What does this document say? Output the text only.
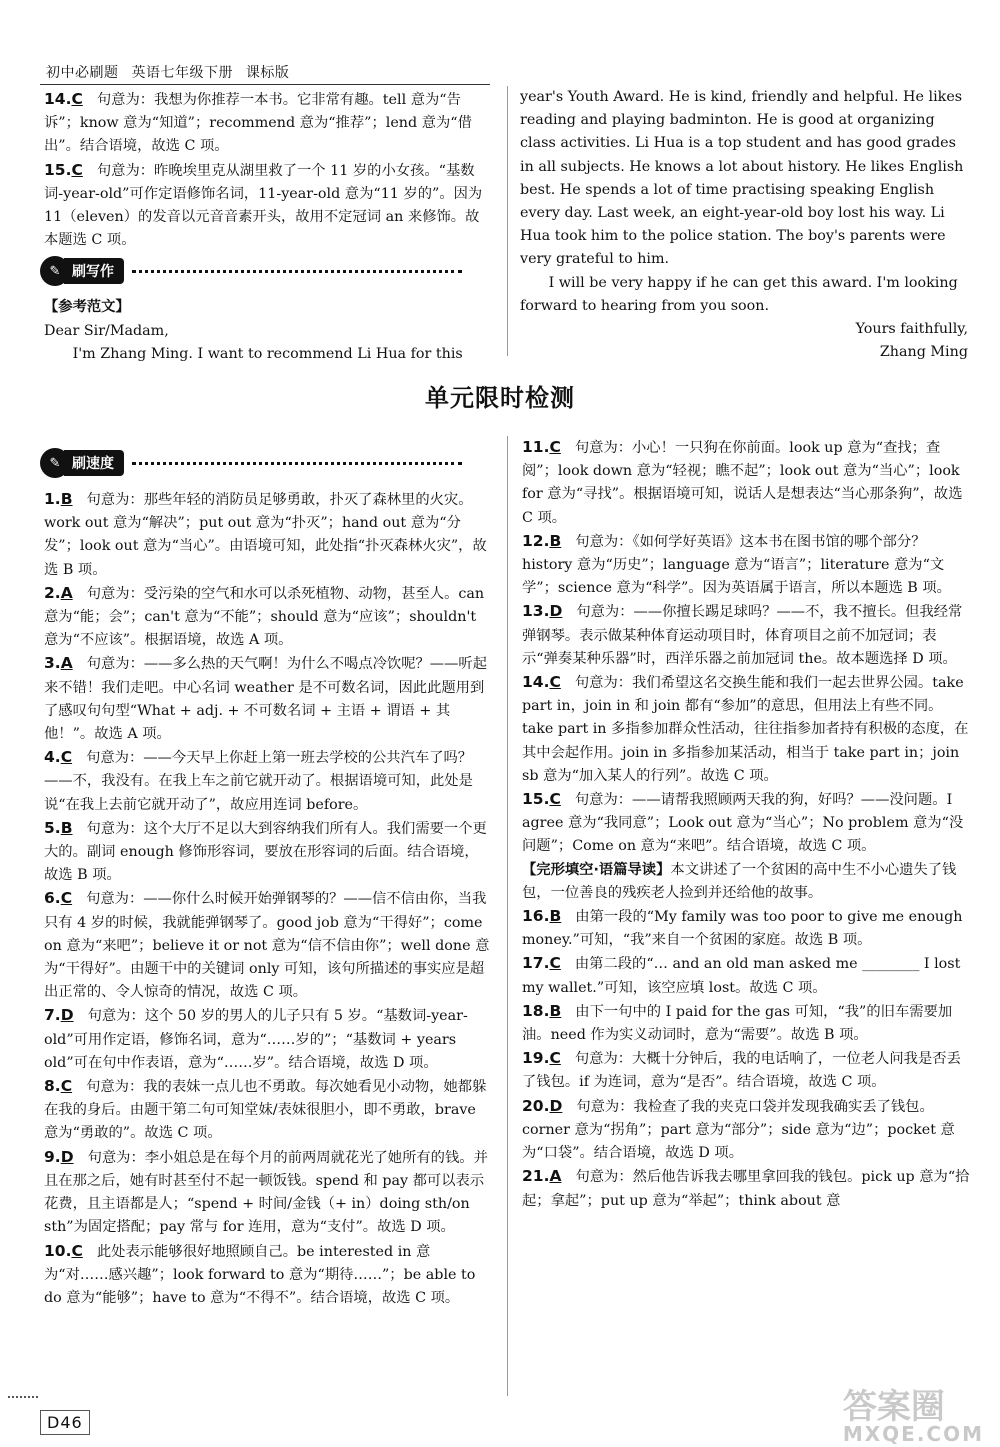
初中必刷题 英语七年级下册 课标版

14.C 句意为：我想为你推荐一本书。它非常有趣。tell 意为“告诉”；know 意为“知道”；recommend 意为“推荐”；lend 意为“借出”。结合语境，故选 C 项。

15.C 句意为：昨晚埃里克从湖里救了一个 11 岁的小女孩。“基数词-year-old”可作定语修饰名词，11-year-old 意为“11 岁的”。因为 11（eleven）的发音以元音音素开头，故用不定冠词 an 来修饰。故本题选 C 项。

【参考范文】

Dear Sir/Madam,

I'm Zhang Ming. I want to recommend Li Hua for this

✎ 刷写作

year's Youth Award. He is kind, friendly and helpful. He likes reading and playing badminton. He is good at organizing class activities. Li Hua is a top student and has good grades in all subjects. He knows a lot about history. He likes English best. He spends a lot of time practising speaking English every day. Last week, an eight-year-old boy lost his way. Li Hua took him to the police station. The boy's parents were very grateful to him.

I will be very happy if he can get this award. I'm looking forward to hearing from you soon.

Yours faithfully,

Zhang Ming

单元限时检测
✎ 刷速度

1.B 句意为：那些年轻的消防员足够勇敢，扑灭了森林里的火灾。work out 意为“解决”；put out 意为“扑灭”；hand out 意为“分发”；look out 意为“当心”。由语境可知，此处指“扑灭森林火灾”，故选 B 项。

2.A 句意为：受污染的空气和水可以杀死植物、动物，甚至人。can 意为“能；会”；can't 意为“不能”；should 意为“应该”；shouldn't 意为“不应该”。根据语境，故选 A 项。

3.A 句意为：——多么热的天气啊！为什么不喝点冷饮呢？——听起来不错！我们走吧。中心名词 weather 是不可数名词，因此此题用到了感叹句句型“What + adj. + 不可数名词 + 主语 + 谓语 + 其他！”。故选 A 项。

4.C 句意为：——今天早上你赶上第一班去学校的公共汽车了吗？——不，我没有。在我上车之前它就开动了。根据语境可知，此处是说“在我上去前它就开动了”，故应用连词 before。

5.B 句意为：这个大厅不足以大到容纳我们所有人。我们需要一个更大的。副词 enough 修饰形容词，要放在形容词的后面。结合语境，故选 B 项。

6.C 句意为：——你什么时候开始弹钢琴的？——信不信由你，当我只有 4 岁的时候，我就能弹钢琴了。good job 意为“干得好”；come on 意为“来吧”；believe it or not 意为“信不信由你”；well done 意为“干得好”。由题干中的关键词 only 可知，该句所描述的事实应是超出正常的、令人惊奇的情况，故选 C 项。

7.D 句意为：这个 50 岁的男人的儿子只有 5 岁。“基数词-year-old”可用作定语，修饰名词，意为“……岁的”；“基数词 + years old”可在句中作表语，意为“……岁”。结合语境，故选 D 项。

8.C 句意为：我的表妹一点儿也不勇敢。每次她看见小动物，她都躲在我的身后。由题干第二句可知堂妹/表妹很胆小，即不勇敢，brave 意为“勇敢的”。故选 C 项。

9.D 句意为：李小姐总是在每个月的前两周就花光了她所有的钱。并且在那之后，她有时甚至付不起一顿饭钱。spend 和 pay 都可以表示花费，且主语都是人；“spend + 时间/金钱（+ in）doing sth/on sth”为固定搭配；pay 常与 for 连用，意为“支付”。故选 D 项。

10.C 此处表示能够很好地照顾自己。be interested in 意为“对……感兴趣”；look forward to 意为“期待……”；be able to do 意为“能够”；have to 意为“不得不”。结合语境，故选 C 项。

11.C 句意为：小心！一只狗在你前面。look up 意为“查找；查阅”；look down 意为“轻视；瞧不起”；look out 意为“当心”；look for 意为“寻找”。根据语境可知，说话人是想表达“当心那条狗”，故选 C 项。

12.B 句意为：《如何学好英语》这本书在图书馆的哪个部分？history 意为“历史”；language 意为“语言”；literature 意为“文学”；science 意为“科学”。因为英语属于语言，所以本题选 B 项。

13.D 句意为：——你擅长踢足球吗？——不，我不擅长。但我经常弹钢琴。表示做某种体育运动项目时，体育项目之前不加冠词；表示“弹奏某种乐器”时，西洋乐器之前加冠词 the。故本题选择 D 项。

14.C 句意为：我们希望这名交换生能和我们一起去世界公园。take part in，join in 和 join 都有“参加”的意思，但用法上有些不同。take part in 多指参加群众性活动，往往指参加者持有积极的态度，在其中会起作用。join in 多指参加某活动，相当于 take part in；join sb 意为“加入某人的行列”。故选 C 项。

15.C 句意为：——请帮我照顾两天我的狗，好吗？——没问题。I agree 意为“我同意”；Look out 意为“当心”；No problem 意为“没问题”；Come on 意为“来吧”。结合语境，故选 C 项。

【完形填空·语篇导读】本文讲述了一个贫困的高中生不小心遗失了钱包，一位善良的残疾老人捡到并还给他的故事。

16.B 由第一段的“My family was too poor to give me enough money.”可知，“我”来自一个贫困的家庭。故选 B 项。

17.C 由第二段的“… and an old man asked me ________ I lost my wallet.”可知，该空应填 lost。故选 C 项。

18.B 由下一句中的 I paid for the gas 可知，“我”的旧车需要加油。need 作为实义动词时，意为“需要”。故选 B 项。

19.C 句意为：大概十分钟后，我的电话响了，一位老人问我是否丢了钱包。if 为连词，意为“是否”。结合语境，故选 C 项。

20.D 句意为：我检查了我的夹克口袋并发现我确实丢了钱包。corner 意为“拐角”；part 意为“部分”；side 意为“边”；pocket 意为“口袋”。结合语境，故选 D 项。

21.A 句意为：然后他告诉我去哪里拿回我的钱包。pick up 意为“拾起；拿起”；put up 意为“举起”；think about 意

D46	答案圈
MXQE.COM
